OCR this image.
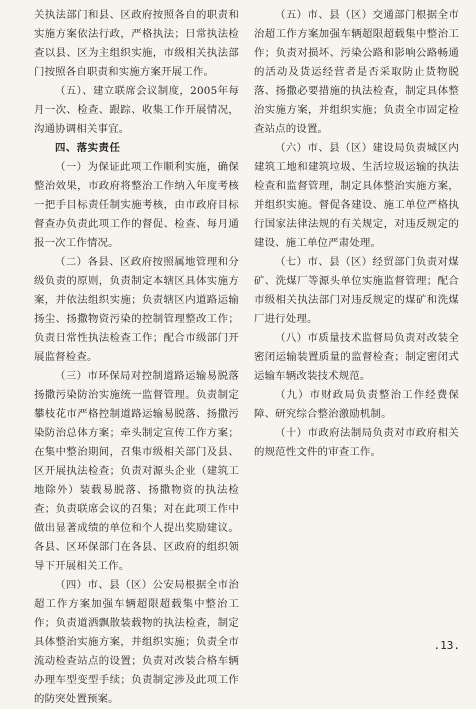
关执法部门和县、区政府按照各自的职责和实施方案依法行政，严格执法；日常执法检查以县、区为主组织实施，市级相关执法部门按照各自职责和实施方案开展工作。

（五）、建立联席会议制度，2005年每月一次、检查、跟踪、收集工作开展情况，沟通协调相关事宜。

四、落实责任

（一）为保证此项工作顺利实施，确保整治效果，市政府将整治工作纳入年度考核一把手目标责任制实施考核，由市政府目标督查办负责此项工作的督促、检查、每月通报一次工作情况。

（二）各县、区政府按照属地管理和分级负责的原则，负责制定本辖区具体实施方案，并依法组织实施；负责辖区内道路运输扬尘、扬撒物资污染的控制管理整改工作；负责日常性执法检查工作；配合市级部门开展监督检查。

（三）市环保局对控制道路运输易脱落扬撒污染防治实施统一监督管理。负责制定攀枝花市严格控制道路运输易脱落、扬撒污染防治总体方案；牵头制定宣传工作方案；在集中整治期间，召集市级相关部门及县、区开展执法检查；负责对源头企业（建筑工地除外）装载易脱落、扬撒物资的执法检查；负责联席会议的召集；对在此项工作中做出显著成绩的单位和个人提出奖励建议。各县、区环保部门在各县、区政府的组织领导下开展相关工作。

（四）市、县（区）公安局根据全市治超工作方案加强车辆超限超载集中整治工作；负责道洒飘散装载物的执法检查，制定具体整治实施方案，并组织实施；负责全市流动检查站点的设置；负责对改装合格车辆办理车型变型手续；负责制定涉及此项工作的防突处置预案。

（五）市、县（区）交通部门根据全市治超工作方案加强车辆超限超载集中整治工作；负责对损坏、污染公路和影响公路畅通的活动及货运经营者是否采取防止货物脱落、扬撒必要措施的执法检查，制定具体整治实施方案，并组织实施；负责全市固定检查站点的设置。

（六）市、县（区）建设局负责城区内建筑工地和建筑垃圾、生活垃圾运输的执法检查和监督管理，制定具体整治实施方案，并组织实施。督促各建设、施工单位严格执行国家法律法规的有关规定，对违反规定的建设、施工单位严肃处理。

（七）市、县（区）经贸部门负责对煤矿、洗煤厂等源头单位实施监督管理；配合市级相关执法部门对违反规定的煤矿和洗煤厂进行处理。

（八）市质量技术监督局负责对改装全密闭运输装置质量的监督检查；制定密闭式运输车辆改装技术规范。

（九）市财政局负责整治工作经费保障、研究综合整治激励机制。

（十）市政府法制局负责对市政府相关的规范性文件的审查工作。

.13.
